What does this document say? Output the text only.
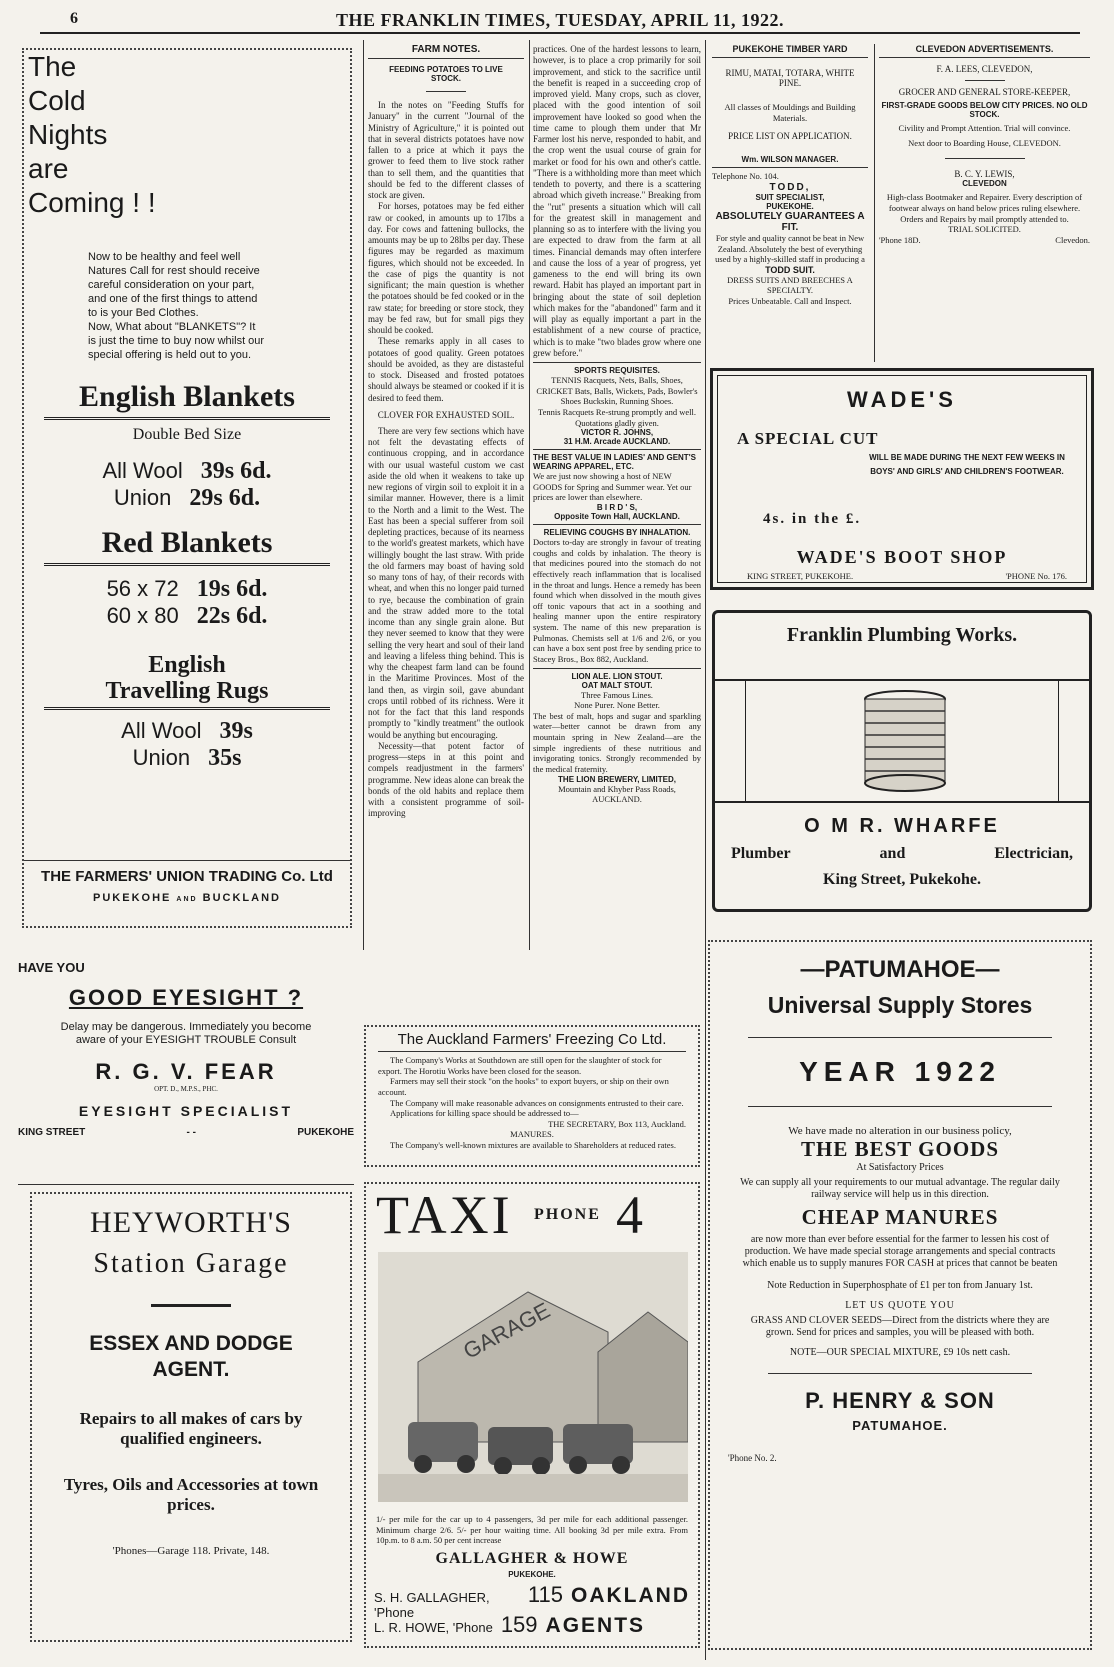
6	THE FRANKLIN TIMES, TUESDAY, APRIL 11, 1922.
The
Cold
Nights
are
Coming ! !
Now to be healthy and feel well
Natures Call for rest should receive
careful consideration on your part,
and one of the first things to attend
to is your Bed Clothes.
Now, What about "BLANKETS"? It
is just the time to buy now whilst our
special offering is held out to you.
English Blankets
Double Bed Size
All Wool 39s 6d.
Union 29s 6d.
Red Blankets
56 x 72 19s 6d.
60 x 80 22s 6d.
English
Travelling Rugs
All Wool 39s
Union 35s
THE FARMERS' UNION TRADING Co. Ltd
PUKEKOHE AND BUCKLAND
HAVE YOU
GOOD EYESIGHT ?
Delay may be dangerous. Immediately you become aware of your EYESIGHT TROUBLE Consult
R. G. V. FEAR
OPT. D., M.P.S., PHC.
EYESIGHT SPECIALIST
KING STREET	- -	PUKEKOHE
HEYWORTH'S
Station Garage
ESSEX AND DODGE AGENT.
Repairs to all makes of cars by qualified engineers.
Tyres, Oils and Accessories at town prices.
'Phones—Garage 118. Private, 148.
FARM NOTES.
FEEDING POTATOES TO LIVE STOCK.

In the notes on "Feeding Stuffs for January" in the current "Journal of the Ministry of Agriculture," it is pointed out that in several districts potatoes have now fallen to a price at which it pays the grower to feed them to live stock rather than to sell them, and the quantities that should be fed to the different classes of stock are given.

For horses, potatoes may be fed either raw or cooked, in amounts up to 17lbs a day. For cows and fattening bullocks, the amounts may be up to 28lbs per day. These figures may be regarded as maximum figures, which should not be exceeded. In the case of pigs the quantity is not significant; the main question is whether the potatoes should be fed cooked or in the raw state; for breeding or store stock, they may be fed raw, but for small pigs they should be cooked.

These remarks apply in all cases to potatoes of good quality. Green potatoes should be avoided, as they are distasteful to stock. Diseased and frosted potatoes should always be steamed or cooked if it is desired to feed them.

CLOVER FOR EXHAUSTED SOIL.

There are very few sections which have not felt the devastating effects of continuous cropping, and in accordance with our usual wasteful custom we cast aside the old when it weakens to take up new regions of virgin soil to exploit it in a similar manner. However, there is a limit to the North and a limit to the West. The East has been a special sufferer from soil depleting practices, because of its nearness to the world's greatest markets, which have willingly bought the last straw. With pride the old farmers may boast of having sold so many tons of hay, of their records with wheat, and when this no longer paid turned to rye, because the combination of grain and the straw added more to the total income than any single grain alone. But they never seemed to know that they were selling the very heart and soul of their land and leaving a lifeless thing behind. This is why the cheapest farm land can be found in the Maritime Provinces. Most of the land then, as virgin soil, gave abundant crops until robbed of its richness. Were it not for the fact that this land responds promptly to "kindly treatment" the outlook would be anything but encouraging.

Necessity—that potent factor of progress—steps in at this point and compels readjustment in the farmers' programme. New ideas alone can break the bonds of the old habits and replace them with a consistent programme of soil-improving

practices. One of the hardest lessons to learn, however, is to place a crop primarily for soil improvement, and stick to the sacrifice until the benefit is reaped in a succeeding crop of improved yield. Many crops, such as clover, placed with the good intention of soil improvement have looked so good when the time came to plough them under that Mr Farmer lost his nerve, responded to habit, and the crop went the usual course of grain for market or food for his own and other's cattle. "There is a withholding more than meet which tendeth to poverty, and there is a scattering abroad which giveth increase." Breaking from the "rut" presents a situation which will call for the greatest skill in management and planning so as to interfere with the living you are expected to draw from the farm at all times. Financial demands may often interfere and cause the loss of a year of progress, yet gameness to the end will bring its own reward. Habit has played an important part in bringing about the state of soil depletion which makes for the "abandoned" farm and it will play as equally important a part in the establishment of a new course of practice, which is to make "two blades grow where one grew before."

SPORTS REQUISITES.

TENNIS Racquets, Nets, Balls, Shoes, CRICKET Bats, Balls, Wickets, Pads, Bowler's Shoes Buckskin, Running Shoes.

Tennis Racquets Re-strung promptly and well. Quotations gladly given.

VICTOR R. JOHNS,
31 H.M. Arcade AUCKLAND.
THE BEST VALUE IN LADIES' AND GENT'S WEARING APPAREL, ETC.

We are just now showing a host of NEW GOODS for Spring and Summer wear. Yet our prices are lower than elsewhere.

B I R D ' S,
Opposite Town Hall, AUCKLAND.
RELIEVING COUGHS BY INHALATION.

Doctors to-day are strongly in favour of treating coughs and colds by inhalation. The theory is that medicines poured into the stomach do not effectively reach inflammation that is localised in the throat and lungs. Hence a remedy has been found which when dissolved in the mouth gives off tonic vapours that act in a soothing and healing manner upon the entire respiratory system. The name of this new preparation is Pulmonas. Chemists sell at 1/6 and 2/6, or you can have a box sent post free by sending price to Stacey Bros., Box 882, Auckland.

LION ALE. LION STOUT.
OAT MALT STOUT.
Three Famous Lines.
None Purer. None Better.

The best of malt, hops and sugar and sparkling water—better cannot be drawn from any mountain spring in New Zealand—are the simple ingredients of these nutritious and invigorating tonics. Strongly recommended by the medical fraternity.

THE LION BREWERY, LIMITED,
Mountain and Khyber Pass Roads, AUCKLAND.
PUKEKOHE TIMBER YARD
RIMU, MATAI, TOTARA, WHITE PINE.
All classes of Mouldings and Building Materials.
PRICE LIST ON APPLICATION.
Wm. WILSON MANAGER.
Telephone No. 104.
TODD,
SUIT SPECIALIST,
PUKEKOHE.
ABSOLUTELY GUARANTEES A FIT.
For style and quality cannot be beat in New Zealand. Absolutely the best of everything used by a highly-skilled staff in producing a
TODD SUIT.
DRESS SUITS AND BREECHES A SPECIALTY.
Prices Unbeatable. Call and Inspect.
CLEVEDON ADVERTISEMENTS.
F. A. LEES, CLEVEDON,
GROCER AND GENERAL STORE-KEEPER,
FIRST-GRADE GOODS BELOW CITY PRICES. NO OLD STOCK.
Civility and Prompt Attention. Trial will convince.
Next door to Boarding House, CLEVEDON.
B. C. Y. LEWIS,
CLEVEDON
High-class Bootmaker and Repairer. Every description of footwear always on hand below prices ruling elsewhere. Orders and Repairs by mail promptly attended to.
TRIAL SOLICITED.
'Phone 18D.	Clevedon.
WADE'S
A SPECIAL CUT
WILL BE MADE DURING THE NEXT FEW WEEKS IN BOYS' AND GIRLS' AND CHILDREN'S FOOTWEAR.
4s. in the £.
WADE'S BOOT SHOP
KING STREET, PUKEKOHE.	'PHONE No. 176.
Franklin Plumbing Works.
O M R. WHARFE
Plumber	and	Electrician,
King Street, Pukekohe.
The Auckland Farmers' Freezing Co Ltd.

The Company's Works at Southdown are still open for the slaughter of stock for export. The Horotiu Works have been closed for the season.

Farmers may sell their stock "on the hooks" to export buyers, or ship on their own account.

The Company will make reasonable advances on consignments entrusted to their care.

Applications for killing space should be addressed to—

THE SECRETARY, Box 113, Auckland.
MANURES.

The Company's well-known mixtures are available to Shareholders at reduced rates.

TAXI PHONE 4
GARAGE

1/- per mile for the car up to 4 passengers, 3d per mile for each additional passenger. Minimum charge 2/6. 5/- per hour waiting time. All booking 3d per mile extra. From 10p.m. to 8 a.m. 50 per cent increase

GALLAGHER & HOWE
PUKEKOHE.
S. H. GALLAGHER, 'Phone
115 OAKLAND
L. R. HOWE, 'Phone 159 AGENTS
—PATUMAHOE—
Universal Supply Stores
YEAR 1922
We have made no alteration in our business policy,
THE BEST GOODS
At Satisfactory Prices
We can supply all your requirements to our mutual advantage. The regular daily railway service will help us in this direction.
CHEAP MANURES
are now more than ever before essential for the farmer to lessen his cost of production. We have made special storage arrangements and special contracts which enable us to supply manures FOR CASH at prices that cannot be beaten
Note Reduction in Superphosphate of £1 per ton from January 1st.
LET US QUOTE YOU
GRASS AND CLOVER SEEDS—Direct from the districts where they are grown. Send for prices and samples, you will be pleased with both.
NOTE—OUR SPECIAL MIXTURE, £9 10s nett cash.
P. HENRY & SON
PATUMAHOE.
'Phone No. 2.
